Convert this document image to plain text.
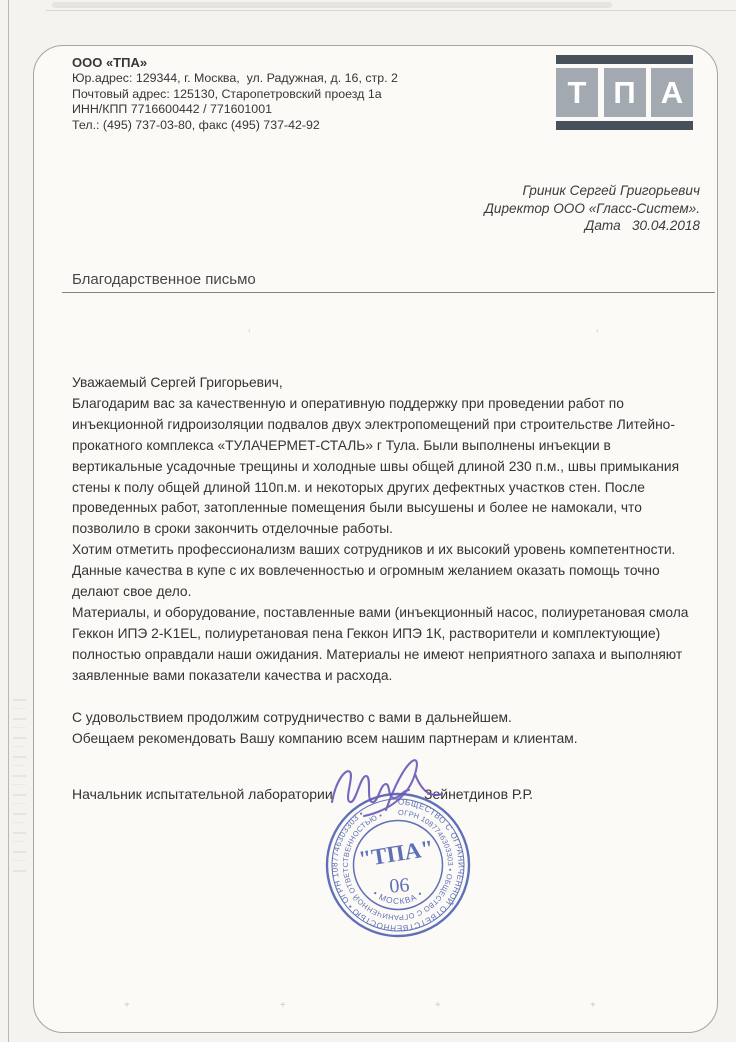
ООО «ТПА»
Юр.адрес: 129344, г. Москва,  ул. Радужная, д. 16, стр. 2
Почтовый адрес: 125130, Старопетровский проезд 1а
ИНН/КПП 7716600442 / 771601001
Тел.: (495) 737-03-80, факс (495) 737-42-92
Т П А
Гриник Сергей Григорьевич
Директор ООО «Гласс-Систем».
Дата   30.04.2018
Благодарственное письмо
’	’

Уважаемый Сергей Григорьевич,

Благодарим вас за качественную и оперативную поддержку при проведении работ по инъекционной гидроизоляции подвалов двух электропомещений при строительстве Литейно-прокатного комплекса «ТУЛАЧЕРМЕТ-СТАЛЬ» г Тула. Были выполнены инъекции в вертикальные усадочные трещины и холодные швы общей длиной 230 п.м., швы примыкания стены к полу общей длиной 110п.м. и некоторых других дефектных участков стен. После проведенных работ, затопленные помещения были высушены и более не намокали, что позволило в сроки закончить отделочные работы.

Хотим отметить профессионализм ваших сотрудников и их высокий уровень компетентности. Данные качества в купе с их вовлеченностью и огромным желанием оказать помощь точно делают свое дело.

Материалы, и оборудование, поставленные вами (инъекционный насос, полиуретановая смола Геккон ИПЭ 2-K1EL, полиуретановая пена Геккон ИПЭ 1К, растворители и комплектующие) полностью оправдали наши ожидания. Материалы не имеют неприятного запаха и выполняют заявленные вами показатели качества и расхода.

С удовольствием продолжим сотрудничество с вами в дальнейшем.

Обещаем рекомендовать Вашу компанию всем нашим партнерам и клиентам.

Начальник испытательной лаборатории	Зейнетдинов Р.Р.
ОБЩЕСТВО С ОГРАНИЧЕННОЙ ОТВЕТСТВЕННОСТЬЮ • ОГРН 1087746303303 •	ОГРН 1087746303303 • ОБЩЕСТВО С ОГРАНИЧЕННОЙ ОТВЕТСТВЕННОСТЬЮ •
• МОСКВА •
"ТПА"
06
+	+	+	+
